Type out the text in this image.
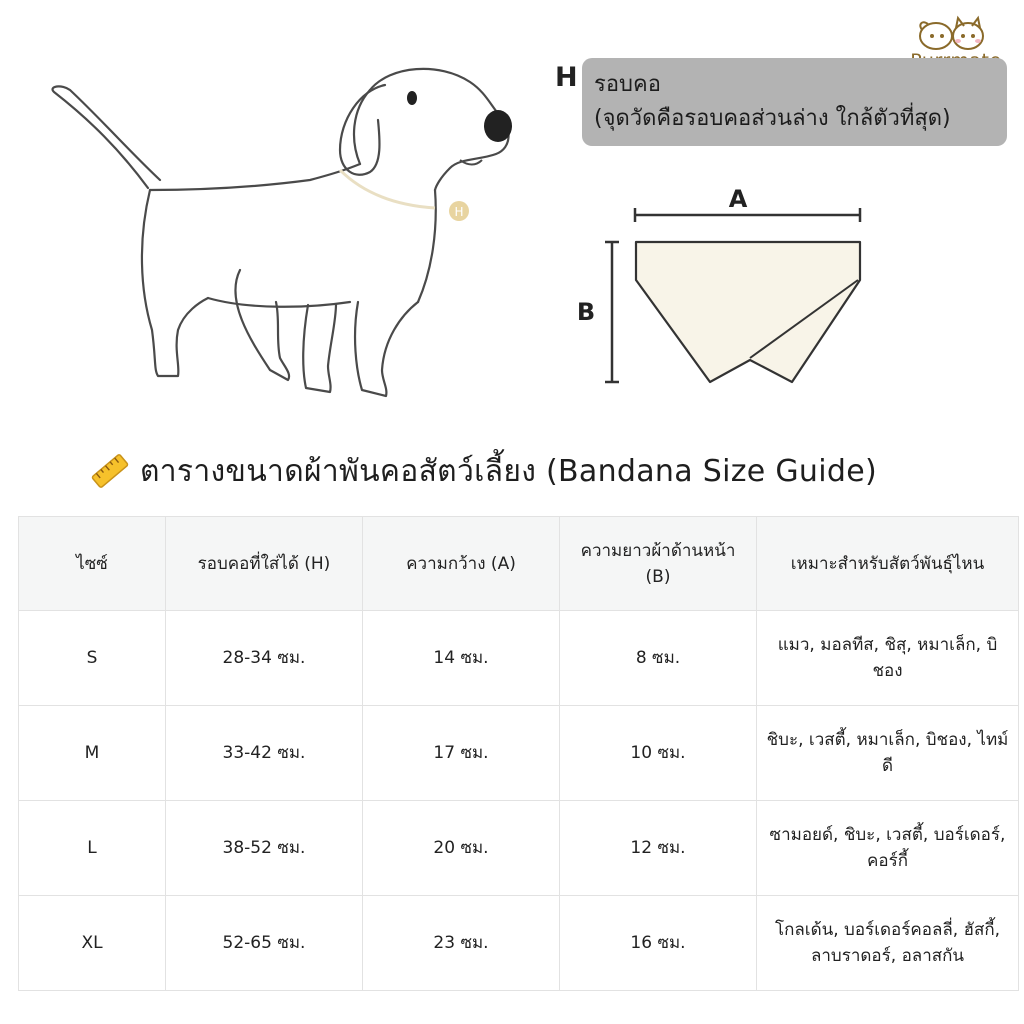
H
H รอบคอ
(จุดวัดคือรอบคอส่วนล่าง ใกล้ตัวที่สุด)
A
B
ตารางขนาดผ้าพันคอสัตว์เลี้ยง (Bandana Size Guide)
ไซซ์	รอบคอที่ใส่ได้ (H)	ความกว้าง (A)	ความยาวผ้าด้านหน้า (B)	เหมาะสำหรับสัตว์พันธุ์ไหน
S	28-34 ซม.	14 ซม.	8 ซม.	แมว, มอลทีส, ชิสุ, หมาเล็ก, บิชอง
M	33-42 ซม.	17 ซม.	10 ซม.	ชิบะ, เวสตี้, หมาเล็ก, บิชอง, ไทม์ดี
L	38-52 ซม.	20 ซม.	12 ซม.	ซามอยด์, ชิบะ, เวสตี้, บอร์เดอร์, คอร์กี้
XL	52-65 ซม.	23 ซม.	16 ซม.	โกลเด้น, บอร์เดอร์คอลลี่, ฮัสกี้, ลาบราดอร์, อลาสกัน
